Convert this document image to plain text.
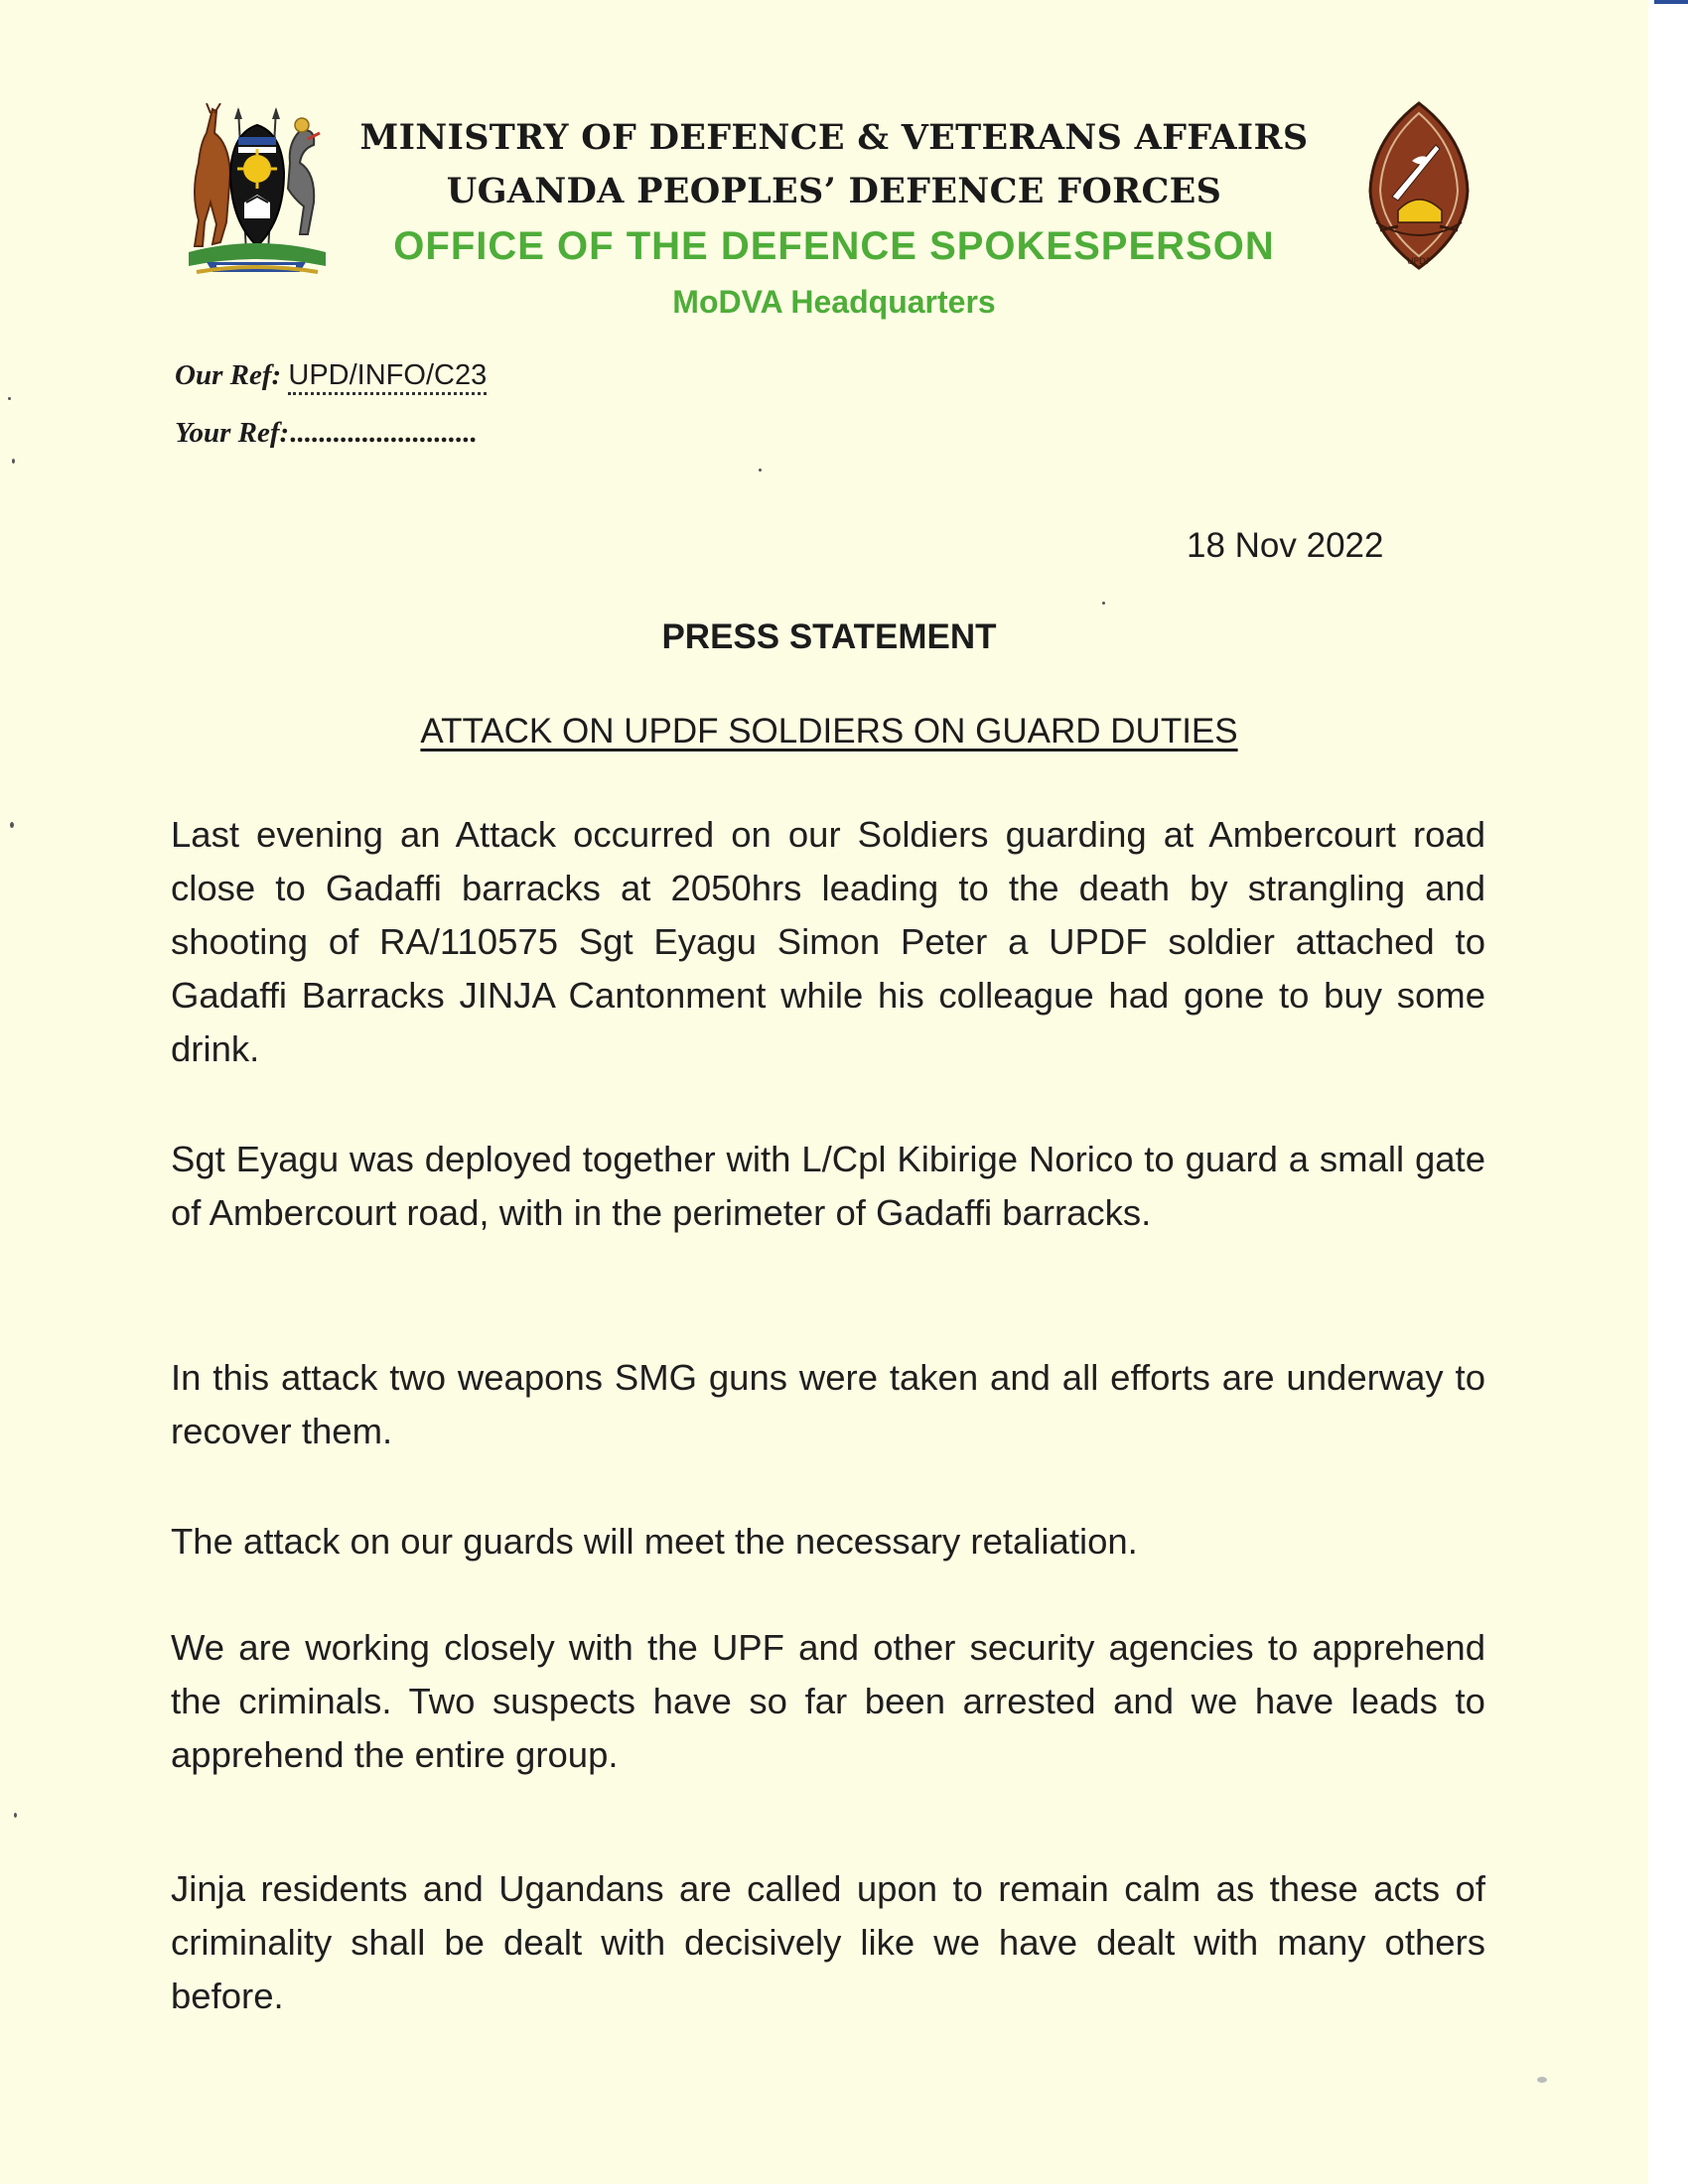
UPDF
MINISTRY OF DEFENCE & VETERANS AFFAIRS
UGANDA PEOPLES’ DEFENCE FORCES
OFFICE OF THE DEFENCE SPOKESPERSON
MoDVA Headquarters
Our Ref: UPD/INFO/C23
Your Ref:..........................
18 Nov 2022
PRESS STATEMENT
ATTACK ON UPDF SOLDIERS ON GUARD DUTIES

Last evening an Attack occurred on our Soldiers guarding at Ambercourt road close to Gadaffi barracks at 2050hrs leading to the death by strangling and shooting of RA/110575 Sgt Eyagu Simon Peter a UPDF soldier attached to Gadaffi Barracks JINJA Cantonment while his colleague had gone to buy some drink.

Sgt Eyagu was deployed together with L/Cpl Kibirige Norico to guard a small gate of Ambercourt road, with in the perimeter of Gadaffi barracks.

In this attack two weapons SMG guns were taken and all efforts are underway to recover them.

The attack on our guards will meet the necessary retaliation.

We are working closely with the UPF and other security agencies to apprehend the criminals. Two suspects have so far been arrested and we have leads to apprehend the entire group.

Jinja residents and Ugandans are called upon to remain calm as these acts of criminality shall be dealt with decisively like we have dealt with many others before.
